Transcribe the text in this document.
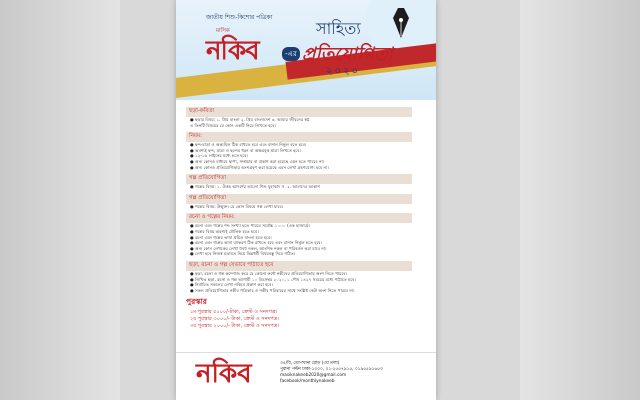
জাতীয় শিশু-কিশোর পত্রিকা
মাসিক
নকিব	-এর
সাহিত্য
প্রতিযোগিতা
২০২০
ছড়া-কবিতা
● ছড়ার বিষয়: ১. প্রিয় বাংলা ২. প্রিয় বাংলাদেশ ৩. আমার জীবনের স্বপ্ন
এ তিনটি বিষয়ের যে কোন একটি নিয়ে লিখতে হবে।
নিয়ম:
● ছন্দ-মাত্রা ও অন্ত্যমিল ঠিক রাখতে হবে এবং বানান নির্ভুল হতে হবে।
● অবশ্যই ছন্দ, মাত্রা ও ছন্দের ধরন বা অক্ষরবৃত্ত মাত্রা লিখতে হবে।
● ১২-১৬ লাইনের মধ্যে হতে হবে।
● অন্য কোনও মাধ্যমে ছাপা, সম্প্রচার বা প্রকাশ করা হয়েছে এমন হতে পারবে না।
● অন্য কোনও প্রতিযোগিতায় অংশগ্রহণ করা হয়েছে এমন লেখা গ্রহণযোগ্য হবে না।
গল্প প্রতিযোগিতা
● গল্পের বিষয়: ১. উত্তম আদর্শের আলো শিশু মুহাম্মাদ স. ২. আমাদের আকাশ
গল্প প্রতিযোগিতা
● গল্পের বিষয়: উন্মুক্ত। যে কোন বিষয়ে গল্প লেখা যাবে।
রচনা ও গল্পের নিয়ম:
● রচনা এবং গল্পের শব্দ সংখ্যা হতে পারবে সর্বোচ্চ ১০০০ (এক হাজার)।
● গল্পের বিষয় অবশ্যই মৌলিক হতে হবে।
● রচনা এবং গল্পের ভাষা প্রমিত বাংলা হতে হবে।
● রচনা এবং গল্পের ভাষা ব্যাকরণ ঠিক রাখতে হবে এবং বানান নির্ভুল হতে হবে।
● অন্য কোন লেখকের লেখা হুবহু নকল, আংশিক নকল বা পরিবর্তন করা যাবে না।
● লেখা হবে নিজস্ব মতামত নিয়ে ভিন্নধর্মী বিষয়বস্তু দিয়ে গঠিত।
ছড়া, রচনা ও গল্প যেভাবে পাঠাতে হবে
● ছড়া, রচনা ও গল্প কম্পোজ করে যে কোনো ফন্টে নকীবের প্রতিযোগিতায় অংশ নিতে পারবে।
● লিখিত ছড়া, রচনা ও গল্প আগামী ১০ ডিসেম্বর ২০২০, ১ পৌষ ১৪২৭ সময়ের মধ্যে পাঠাতে হবে।
● নির্বাচিত সকলের লেখা নকিবে প্রকাশ করা হবে।
● সকল প্রতিযোগিতার নকীব পত্রিকার ও নকীব পরিবারের সাথে সংশ্লিষ্ট কেউ অংশ নিতে পারবে না।
পুরস্কার
১ম পুরস্কার ৫০০০/-টাকা, ক্রেস্ট ও সনদপত্র।
২য় পুরস্কার ৩০০০/- টাকা, ক্রেস্ট ও সনদপত্র।
৩য় পুরস্কার ২০০০/- টাকা, ক্রেস্ট ও সনদপত্র।
নকিব	৩৫/বি, তোপখানা রোড (৩য় তলা)
পুরানা পল্টন ঢাকা-১০০০, ০১-২৫৫৭৯১৫, ০১৯৫৫৯১৬৫৩
masiknakeeb2020@gmail.com
facebook/monthlynakeeb
